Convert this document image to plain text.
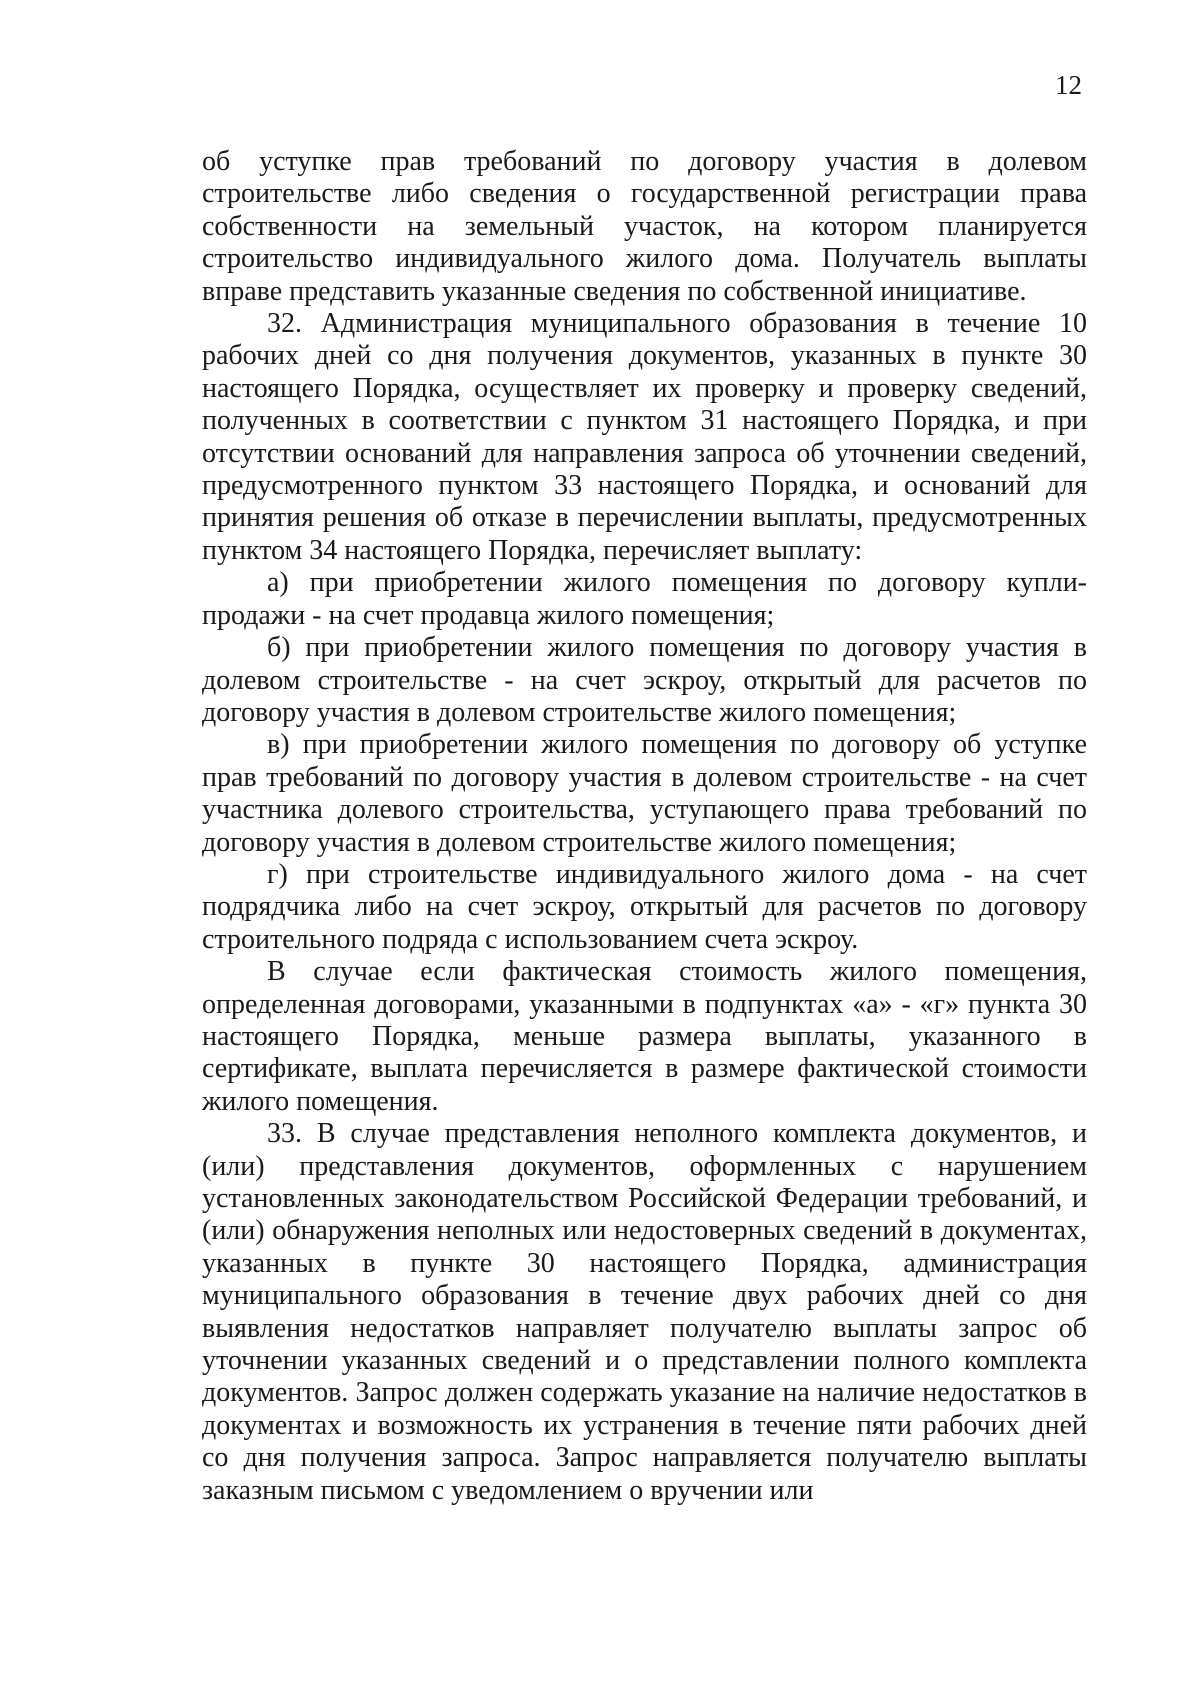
12

об уступке прав требований по договору участия в долевом строительстве либо сведения о государственной регистрации права собственности на земельный участок, на котором планируется строительство индивидуального жилого дома. Получатель выплаты вправе представить указанные сведения по собственной инициативе.

32. Администрация муниципального образования в течение 10 рабочих дней со дня получения документов, указанных в пункте 30 настоящего Порядка, осуществляет их проверку и проверку сведений, полученных в соответствии с пунктом 31 настоящего Порядка, и при отсутствии оснований для направления запроса об уточнении сведений, предусмотренного пунктом 33 настоящего Порядка, и оснований для принятия решения об отказе в перечислении выплаты, предусмотренных пунктом 34 настоящего Порядка, перечисляет выплату:

а) при приобретении жилого помещения по договору купли-продажи - на счет продавца жилого помещения;

б) при приобретении жилого помещения по договору участия в долевом строительстве - на счет эскроу, открытый для расчетов по договору участия в долевом строительстве жилого помещения;

в) при приобретении жилого помещения по договору об уступке прав требований по договору участия в долевом строительстве - на счет участника долевого строительства, уступающего права требований по договору участия в долевом строительстве жилого помещения;

г) при строительстве индивидуального жилого дома - на счет подрядчика либо на счет эскроу, открытый для расчетов по договору строительного подряда с использованием счета эскроу.

В случае если фактическая стоимость жилого помещения, определенная договорами, указанными в подпунктах «а» - «г» пункта 30 настоящего Порядка, меньше размера выплаты, указанного в сертификате, выплата перечисляется в размере фактической стоимости жилого помещения.

33. В случае представления неполного комплекта документов, и (или) представления документов, оформленных с нарушением установленных законодательством Российской Федерации требований, и (или) обнаружения неполных или недостоверных сведений в документах, указанных в пункте 30 настоящего Порядка, администрация муниципального образования в течение двух рабочих дней со дня выявления недостатков направляет получателю выплаты запрос об уточнении указанных сведений и о представлении полного комплекта документов. Запрос должен содержать указание на наличие недостатков в документах и возможность их устранения в течение пяти рабочих дней со дня получения запроса. Запрос направляется получателю выплаты заказным письмом с уведомлением о вручении или
